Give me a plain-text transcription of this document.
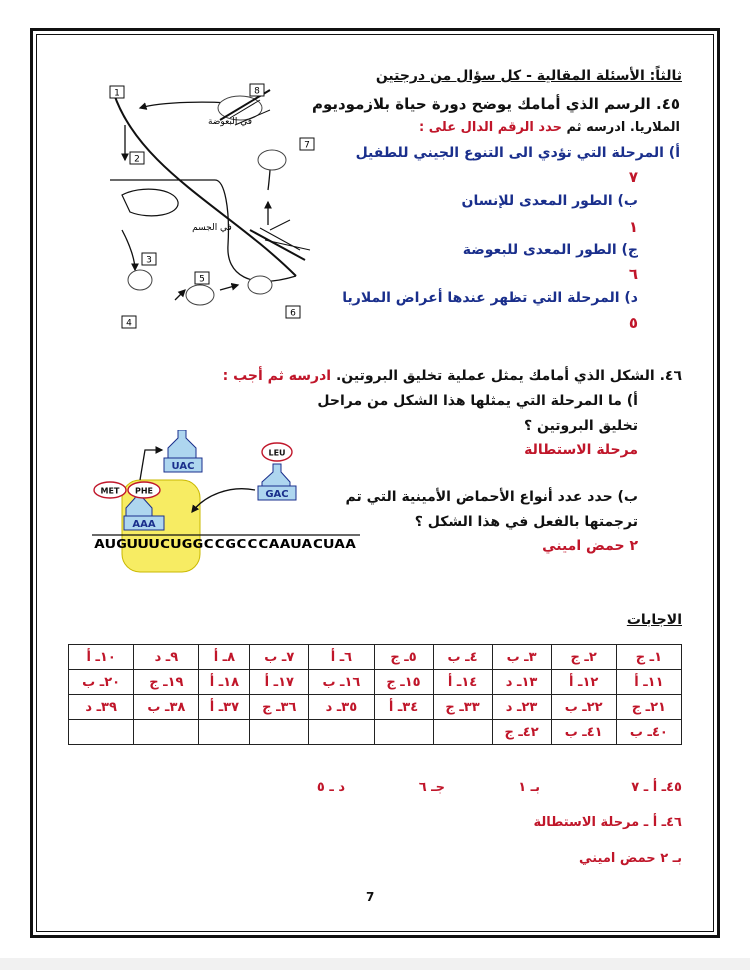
ثالثاً: الأسئلة المقالية - كل سؤال من درجتين
٤٥. الرسم الذي أمامك يوضح دورة حياة بلازموديوم
الملاريا. ادرسه ثم حدد الرقم الدال على :
أ) المرحلة التي تؤدي الى التنوع الجيني للطفيل
٧
ب) الطور المعدى للإنسان
١
ج) الطور المعدى للبعوضة
٦
د) المرحلة التي تظهر عندها أعراض الملاريا
٥
1
2
3
4
5
6
7
8
في البعوضة
في الجسم
٤٦. الشكل الذي أمامك يمثل عملية تخليق البروتين. ادرسه ثم أجب :
أ) ما المرحلة التي يمثلها هذا الشكل من مراحل
تخليق البروتين ؟
مرحلة الاستطالة
ب) حدد عدد أنواع الأحماض الأمينية التي تم
ترجمتها بالفعل في هذا الشكل ؟
٢ حمض اميني
AUGUUUCUGGCCGCCCAAUACUAA
UAC
AAA
GAC
MET PHE
LEU
الاجابات
١ـ ج	٢ـ ج	٣ـ ب	٤ـ ب	٥ـ ج	٦ـ أ	٧ـ ب	٨ـ أ	٩ـ د	١٠ـ أ
١١ـ أ	١٢ـ أ	١٣ـ د	١٤ـ أ	١٥ـ ج	١٦ـ ب	١٧ـ أ	١٨ـ أ	١٩ـ ج	٢٠ـ ب
٢١ـ ج	٢٢ـ ب	٢٣ـ د	٣٣ـ ج	٣٤ـ أ	٣٥ـ د	٣٦ـ ج	٣٧ـ أ	٣٨ـ ب	٣٩ـ د
٤٠ـ ب	٤١ـ ب	٤٢ـ ج							
٤٥ـ أ ـ ٧
بـ ١
جـ ٦
د ـ ٥
٤٦ـ أ ـ مرحلة الاستطالة
بـ ٢ حمض اميني
7
